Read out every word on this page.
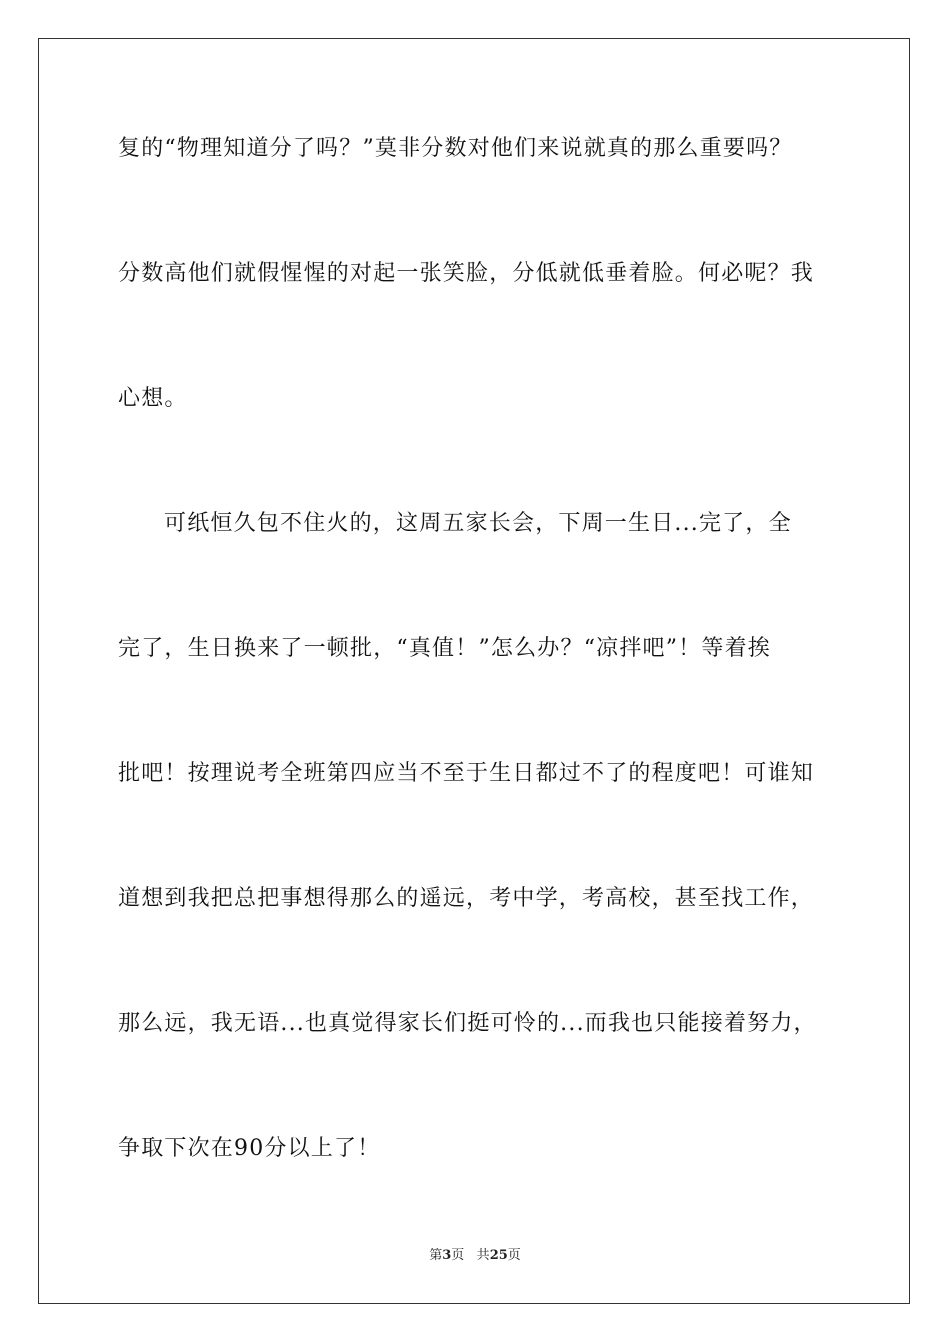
复的“物理知道分了吗？”莫非分数对他们来说就真的那么重要吗？
分数高他们就假惺惺的对起一张笑脸，分低就低垂着脸。何必呢？我
心想。
可纸恒久包不住火的，这周五家长会，下周一生日...完了，全
完了，生日换来了一顿批，“真值！”怎么办？“凉拌吧”！等着挨
批吧！按理说考全班第四应当不至于生日都过不了的程度吧！可谁知
道想到我把总把事想得那么的遥远，考中学，考高校，甚至找工作，
那么远，我无语...也真觉得家长们挺可怜的...而我也只能接着努力，
争取下次在90分以上了！
第3页 共25页
